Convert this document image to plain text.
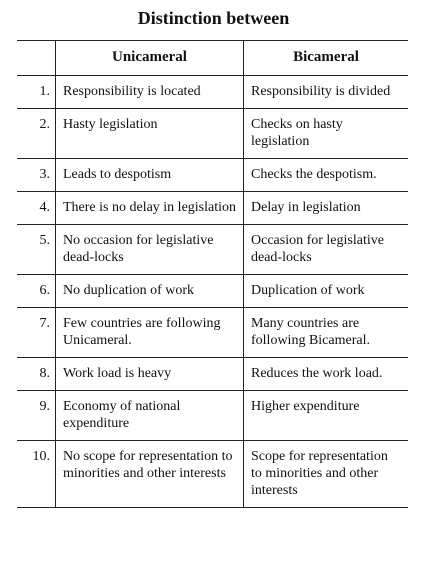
Distinction between
	Unicameral	Bicameral
1.	Responsibility is located	Responsibility is divided
2.	Hasty legislation	Checks on hasty legislation
3.	Leads to despotism	Checks the despotism.
4.	There is no delay in legislation	Delay in legislation
5.	No occasion for legislative dead-locks	Occasion for legislative dead-locks
6.	No duplication of work	Duplication of work
7.	Few countries are following Unicameral.	Many countries are following Bicameral.
8.	Work load is heavy	Reduces the work load.
9.	Economy of national expenditure	Higher expenditure
10.	No scope for representation to minorities and other interests	Scope for representation to minorities and other interests
